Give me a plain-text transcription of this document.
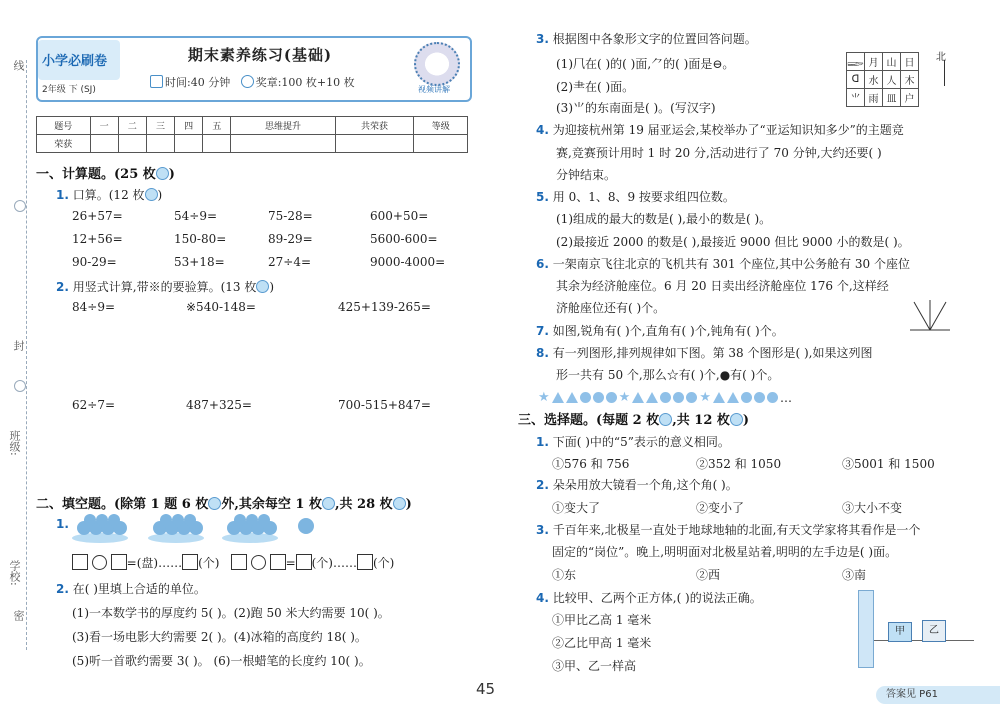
线
封
班级:
学校:
密
小学必刷卷
2年级 下 (SJ)
期末素养练习(基础)
时间:40 分钟 奖章:100 枚+10 枚
视频讲解
题号	一	二	三	四	五	思维提升	共荣获	等级
荣获								
一、计算题。(25 枚 )
1. 口算。(12 枚 )
26+57=	54÷9=	75-28=	600+50=
12+56=	150-80=	89-29=	5600-600=
90-29=	53+18=	27÷4=	9000-4000=
2. 用竖式计算,带※的要验算。(13 枚 )
84÷9=	※540-148=	425+139-265=
62÷7=	487+325=	700-515+847=
二、填空题。(除第 1 题 6 枚 外,其余每空 1 枚 ,共 28 枚 )
1.
=(盘)…… (个)	= (个)…… (个)
2. 在( )里填上合适的单位。
(1)一本数学书的厚度约 5( )。(2)跑 50 米大约需要 10( )。
(3)看一场电影大约需要 2( )。(4)冰箱的高度约 18( )。
(5)听一首歌约需要 3( )。 (6)一根蜡笔的长度约 10( )。
3. 根据图中各象形文字的位置回答问题。
(1)⺇在( )的( )面,⺈的( )面是⊖。
(2)⺻在( )面。
(3)⺌的东南面是( )。(写汉字)
𓆃	月	山	日
ᗡ	水	人	木
⺌	雨	⽫	⼾
北
4. 为迎接杭州第 19 届亚运会,某校举办了“亚运知识知多少”的主题竞
赛,竞赛预计用时 1 时 20 分,活动进行了 70 分钟,大约还要( )
分钟结束。
5. 用 0、1、8、9 按要求组四位数。
(1)组成的最大的数是( ),最小的数是( )。
(2)最接近 2000 的数是( ),最接近 9000 但比 9000 小的数是( )。
6. 一架南京飞往北京的飞机共有 301 个座位,其中公务舱有 30 个座位
其余为经济舱座位。6 月 20 日卖出经济舱座位 176 个,这样经
济舱座位还有( )个。
7. 如图,锐角有( )个,直角有( )个,钝角有( )个。
8. 有一列图形,排列规律如下图。第 38 个图形是( ),如果这列图
形一共有 50 个,那么☆有( )个,●有( )个。
★	★	★	…
三、选择题。(每题 2 枚 ,共 12 枚 )
1. 下面( )中的“5”表示的意义相同。
①576 和 756	②352 和 1050	③5001 和 1500
2. 朵朵用放大镜看一个角,这个角( )。
①变大了	②变小了	③大小不变
3. 千百年来,北极星一直处于地球地轴的北面,有天文学家将其看作是一个
固定的“岗位”。晚上,明明面对北极星站着,明明的左手边是( )面。
①东	②西	③南
4. 比较甲、乙两个正方体,( )的说法正确。
①甲比乙高 1 毫米
②乙比甲高 1 毫米
③甲、乙一样高
甲	乙
45	答案见 P61
